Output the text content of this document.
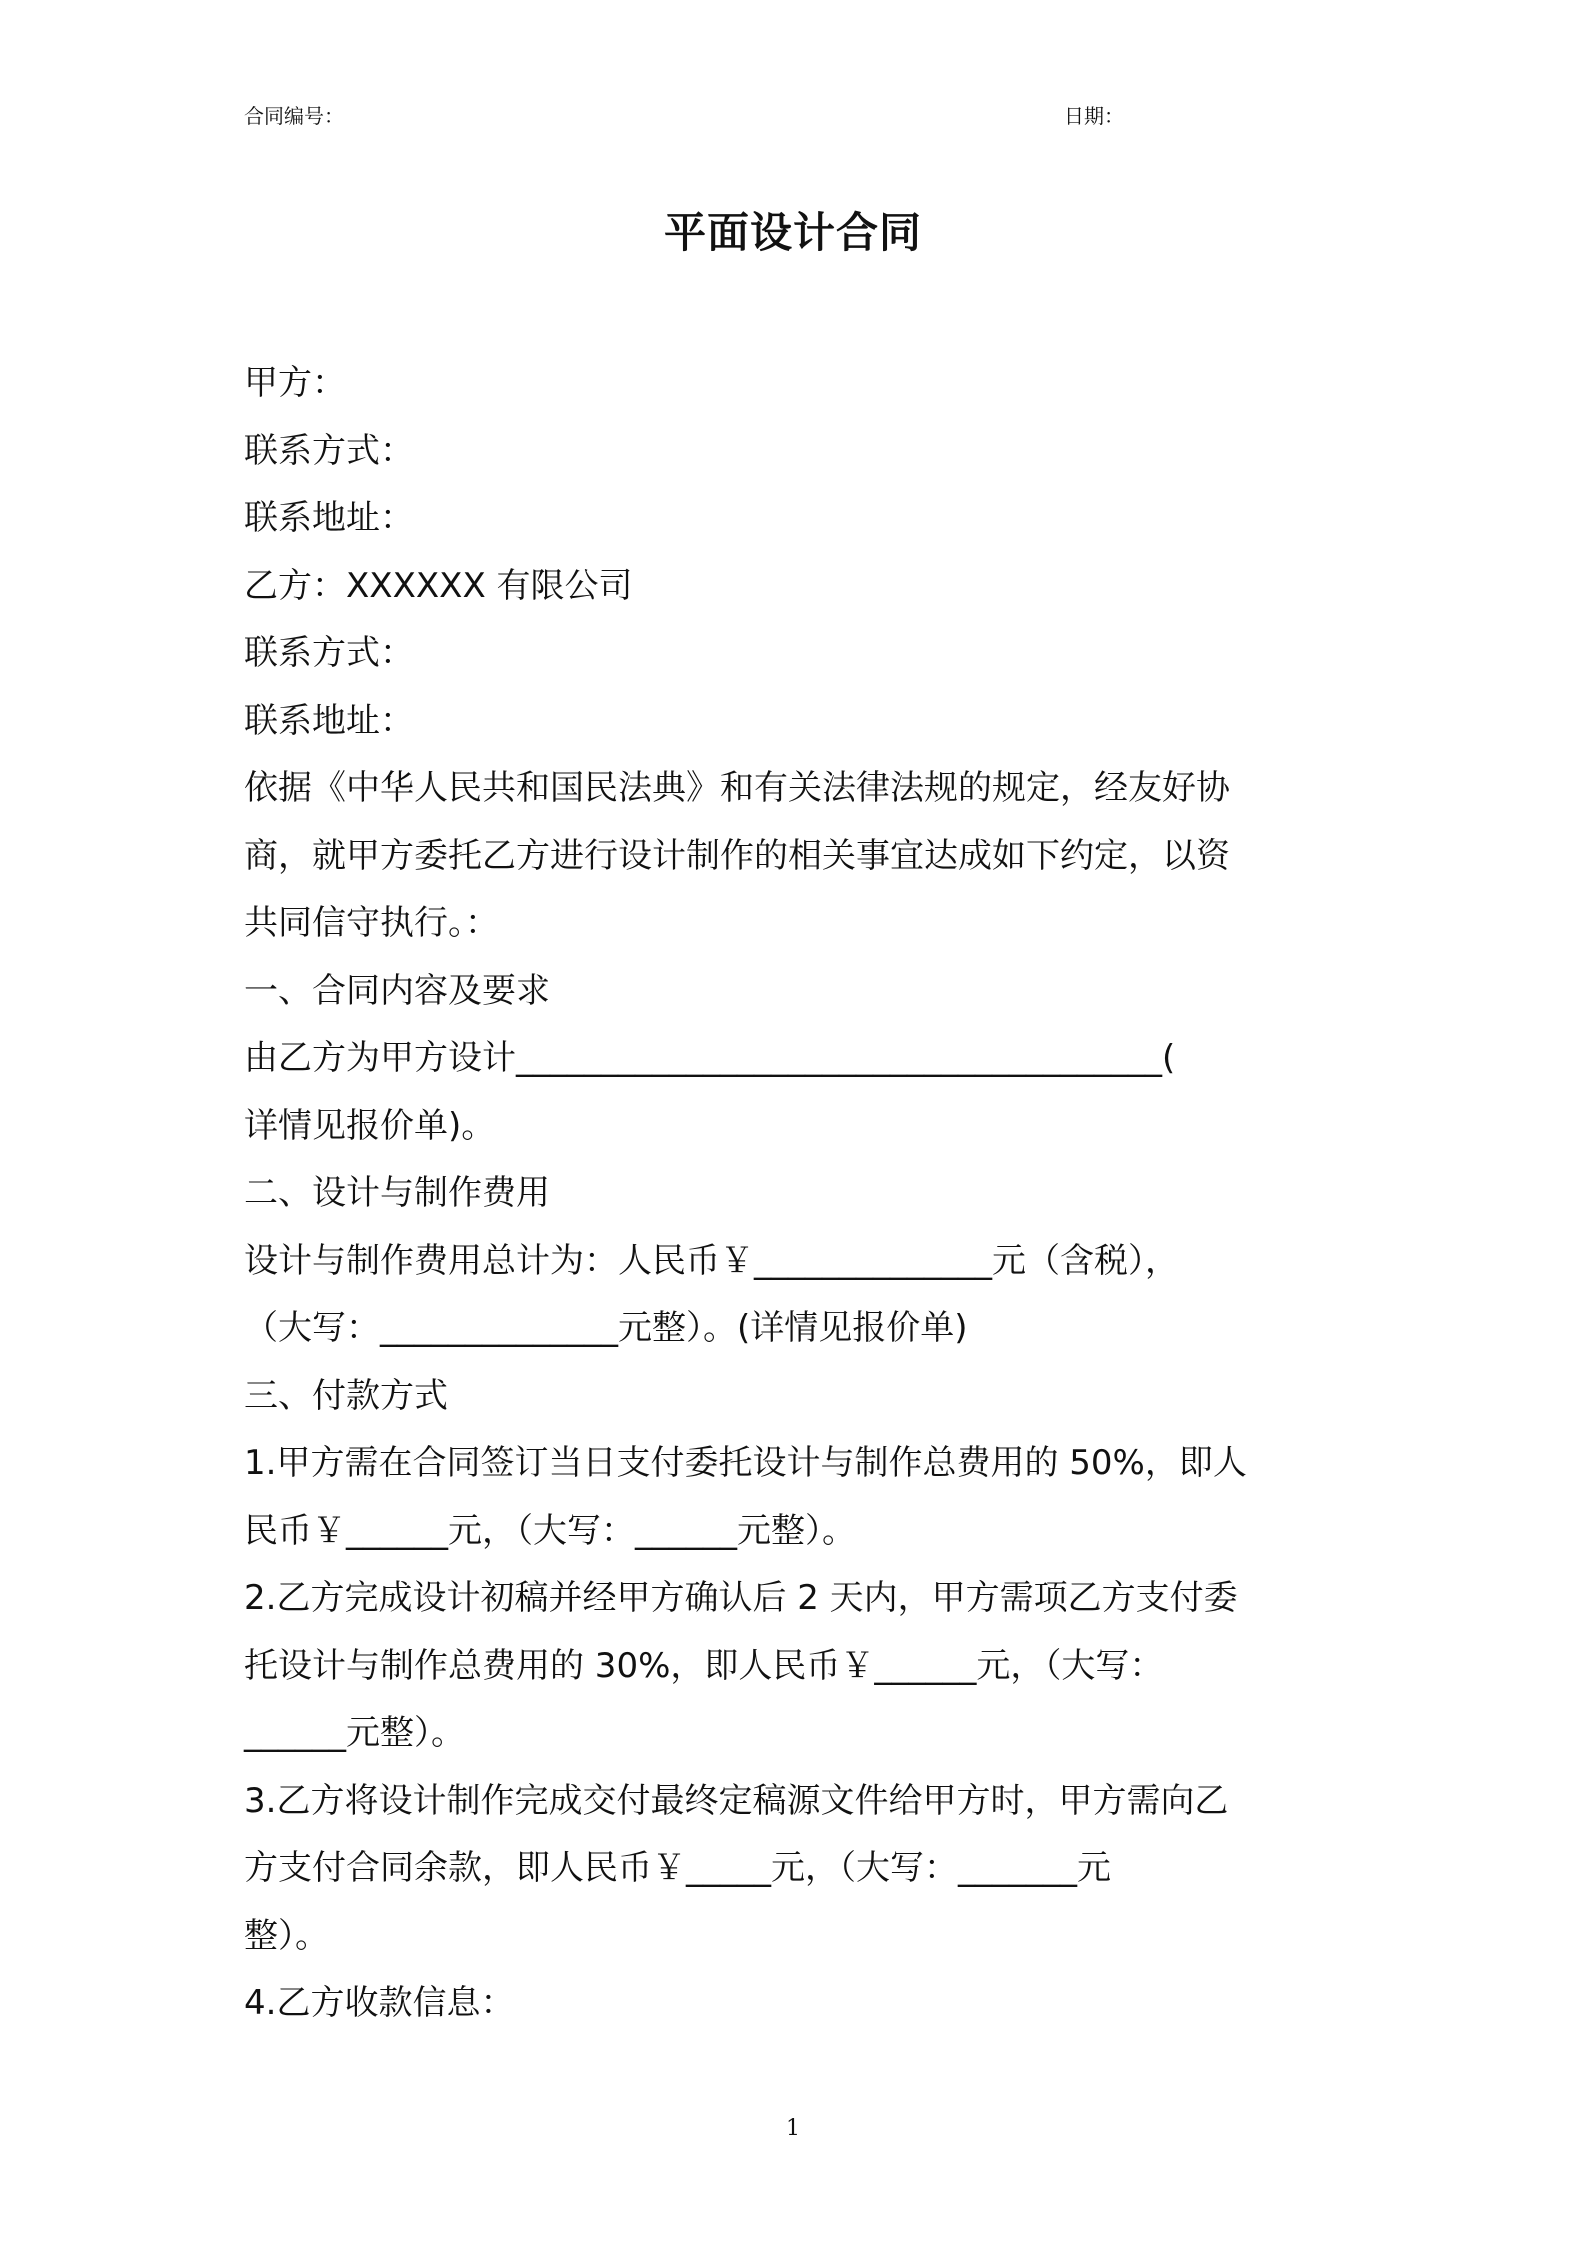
合同编号：	日期：
平面设计合同
甲方：
联系方式：
联系地址：
乙方：XXXXXX 有限公司
联系方式：
联系地址：
依据《中华人民共和国民法典》和有关法律法规的规定，经友好协
商，就甲方委托乙方进行设计制作的相关事宜达成如下约定，以资
共同信守执行。：
一、合同内容及要求
由乙方为甲方设计______________________________________(
详情见报价单)。
二、设计与制作费用
设计与制作费用总计为：人民币￥______________元（含税），
（大写：______________元整）。(详情见报价单)
三、付款方式
1.甲方需在合同签订当日支付委托设计与制作总费用的 50%，即人
民币￥______元，（大写：______元整）。
2.乙方完成设计初稿并经甲方确认后 2 天内，甲方需项乙方支付委
托设计与制作总费用的 30%，即人民币￥______元，（大写：
______元整）。
3.乙方将设计制作完成交付最终定稿源文件给甲方时，甲方需向乙
方支付合同余款，即人民币￥_____元，（大写：_______元
整）。
4.乙方收款信息：
1
